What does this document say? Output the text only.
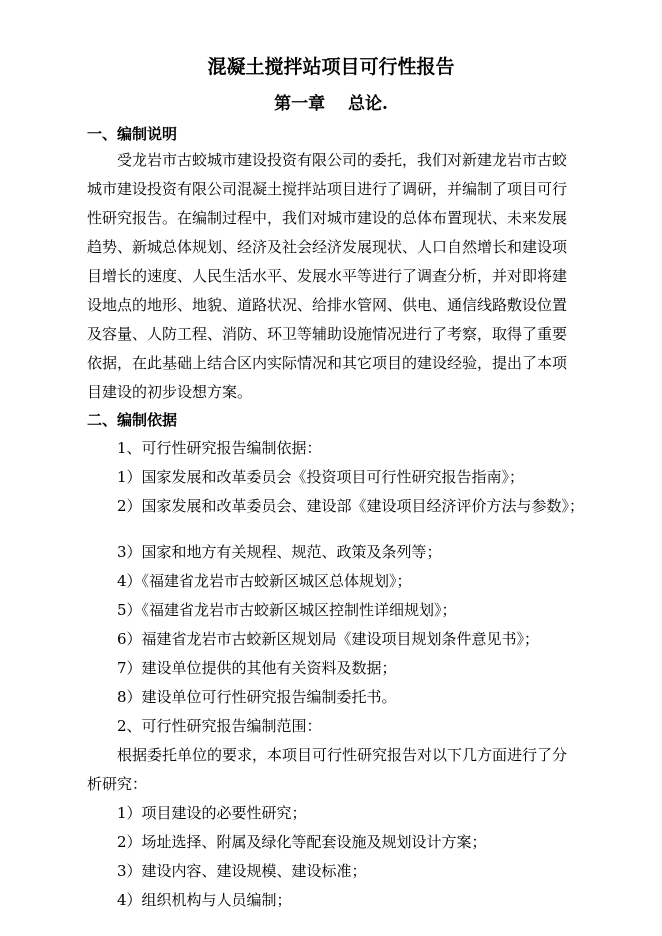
混凝土搅拌站项目可行性报告
第一章　 总论.
一、编制说明
受龙岩市古蛟城市建设投资有限公司的委托，我们对新建龙岩市古蛟
城市建设投资有限公司混凝土搅拌站项目进行了调研，并编制了项目可行
性研究报告。在编制过程中，我们对城市建设的总体布置现状、未来发展
趋势、新城总体规划、经济及社会经济发展现状、人口自然增长和建设项
目增长的速度、人民生活水平、发展水平等进行了调查分析，并对即将建
设地点的地形、地貌、道路状况、给排水管网、供电、通信线路敷设位置
及容量、人防工程、消防、环卫等辅助设施情况进行了考察，取得了重要
依据，在此基础上结合区内实际情况和其它项目的建设经验，提出了本项
目建设的初步设想方案。
二、编制依据
1、可行性研究报告编制依据：
1）国家发展和改革委员会《投资项目可行性研究报告指南》；
2）国家发展和改革委员会、建设部《建设项目经济评价方法与参数》；
3）国家和地方有关规程、规范、政策及条列等；
4）《福建省龙岩市古蛟新区城区总体规划》；
5）《福建省龙岩市古蛟新区城区控制性详细规划》；
6）福建省龙岩市古蛟新区规划局《建设项目规划条件意见书》；
7）建设单位提供的其他有关资料及数据；
8）建设单位可行性研究报告编制委托书。
2、可行性研究报告编制范围：
根据委托单位的要求，本项目可行性研究报告对以下几方面进行了分
析研究：
1）项目建设的必要性研究；
2）场址选择、附属及绿化等配套设施及规划设计方案；
3）建设内容、建设规模、建设标准；
4）组织机构与人员编制；
